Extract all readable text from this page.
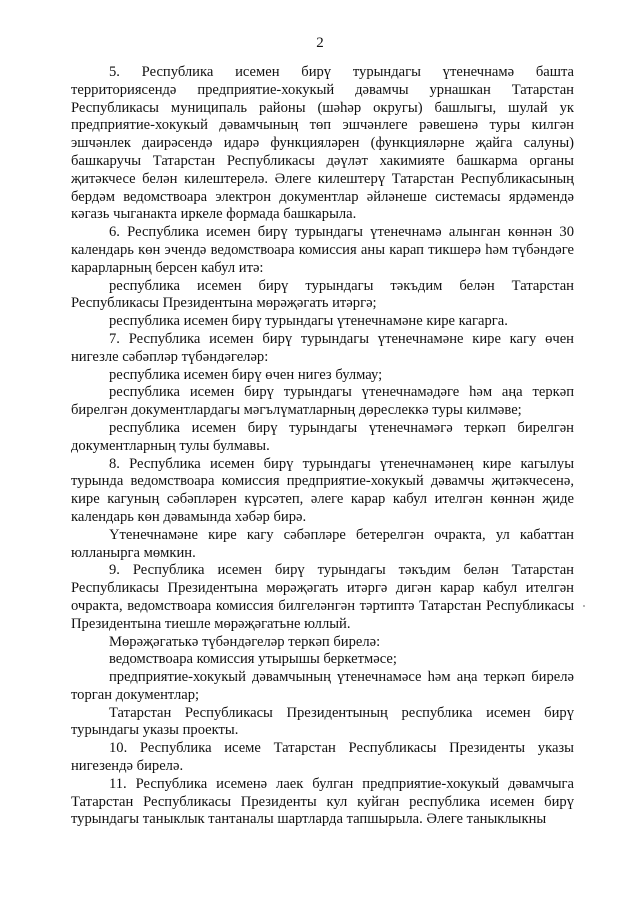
2

5. Республика исемен бирү турындагы үтенечнамә башта территориясендә предприятие-хокукый дәвамчы урнашкан Татарстан Республикасы муниципаль районы (шәһәр округы) башлыгы, шулай ук предприятие-хокукый дәвамчының төп эшчәнлеге рәвешенә туры килгән эшчәнлек даирәсендә идарә функцияләрен (функцияләрне җайга салуны) башкаручы Татарстан Республикасы дәүләт хакимияте башкарма органы җитәкчесе белән килештерелә. Әлеге килештерү Татарстан Республикасының бердәм ведомствоара электрон документлар әйләнеше системасы ярдәмендә кәгазь чыганакта иркеле формада башкарыла.

6. Республика исемен бирү турындагы үтенечнамә алынган көннән 30 календарь көн эчендә ведомствоара комиссия аны карап тикшерә һәм түбәндәге карарларның берсен кабул итә:

республика исемен бирү турындагы тәкъдим белән Татарстан Республикасы Президентына мөрәҗәгать итәргә;

республика исемен бирү турындагы үтенечнамәне кире кагарга.

7. Республика исемен бирү турындагы үтенечнамәне кире кагу өчен нигезле сәбәпләр түбәндәгеләр:

республика исемен бирү өчен нигез булмау;

республика исемен бирү турындагы үтенечнамәдәге һәм аңа теркәп бирелгән документлардагы мәгълүматларның дөреслеккә туры килмәве;

республика исемен бирү турындагы үтенечнамәгә теркәп бирелгән документларның тулы булмавы.

8. Республика исемен бирү турындагы үтенечнамәнең кире кагылуы турында ведомствоара комиссия предприятие-хокукый дәвамчы җитәкчесенә, кире кагуның сәбәпләрен күрсәтеп, әлеге карар кабул ителгән көннән җиде календарь көн дәвамында хәбәр бирә.

Үтенечнамәне кире кагу сәбәпләре бетерелгән очракта, ул кабаттан юлланырга мөмкин.

9. Республика исемен бирү турындагы тәкъдим белән Татарстан Республикасы Президентына мөрәҗәгать итәргә дигән карар кабул ителгән очракта, ведомствоара комиссия билгеләнгән тәртиптә Татарстан Республикасы Президентына тиешле мөрәҗәгатьне юллый.

Мөрәҗәгатькә түбәндәгеләр теркәп бирелә:

ведомствоара комиссия утырышы беркетмәсе;

предприятие-хокукый дәвамчының үтенечнамәсе һәм аңа теркәп бирелә торган документлар;

Татарстан Республикасы Президентының республика исемен бирү турындагы указы проекты.

10. Республика исеме Татарстан Республикасы Президенты указы нигезендә бирелә.

11. Республика исеменә лаек булган предприятие-хокукый дәвамчыга Татарстан Республикасы Президенты кул куйган республика исемен бирү турындагы таныклык тантаналы шартларда тапшырыла. Әлеге таныклыкны
